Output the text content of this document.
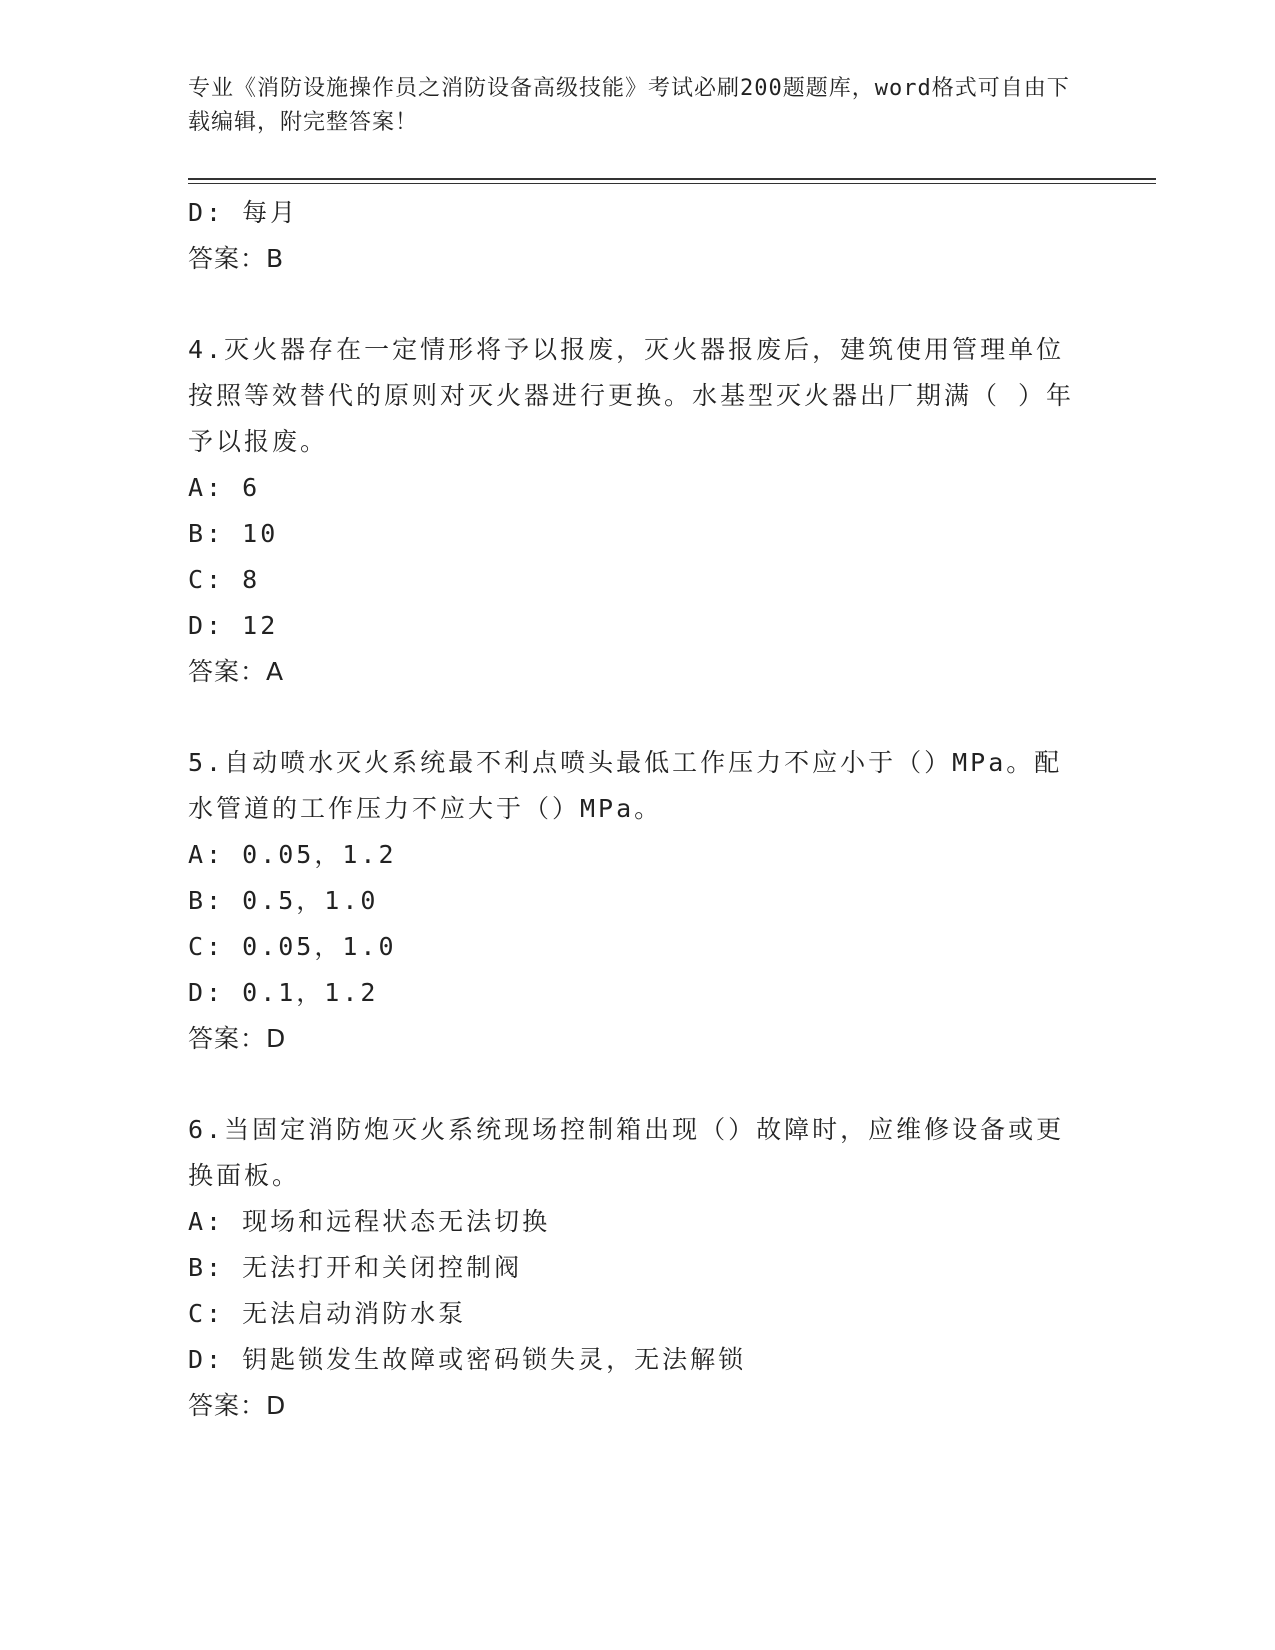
专业《消防设施操作员之消防设备高级技能》考试必刷200题题库，word格式可自由下载编辑，附完整答案！
D: 每月
答案：B
4.灭火器存在一定情形将予以报废，灭火器报废后，建筑使用管理单位按照等效替代的原则对灭火器进行更换。水基型灭火器出厂期满（ ）年予以报废。
A: 6
B: 10
C: 8
D: 12
答案：A
5.自动喷水灭火系统最不利点喷头最低工作压力不应小于（）MPa。配水管道的工作压力不应大于（）MPa。
A: 0.05，1.2
B: 0.5，1.0
C: 0.05，1.0
D: 0.1，1.2
答案：D
6.当固定消防炮灭火系统现场控制箱出现（）故障时，应维修设备或更换面板。
A: 现场和远程状态无法切换
B: 无法打开和关闭控制阀
C: 无法启动消防水泵
D: 钥匙锁发生故障或密码锁失灵，无法解锁
答案：D
